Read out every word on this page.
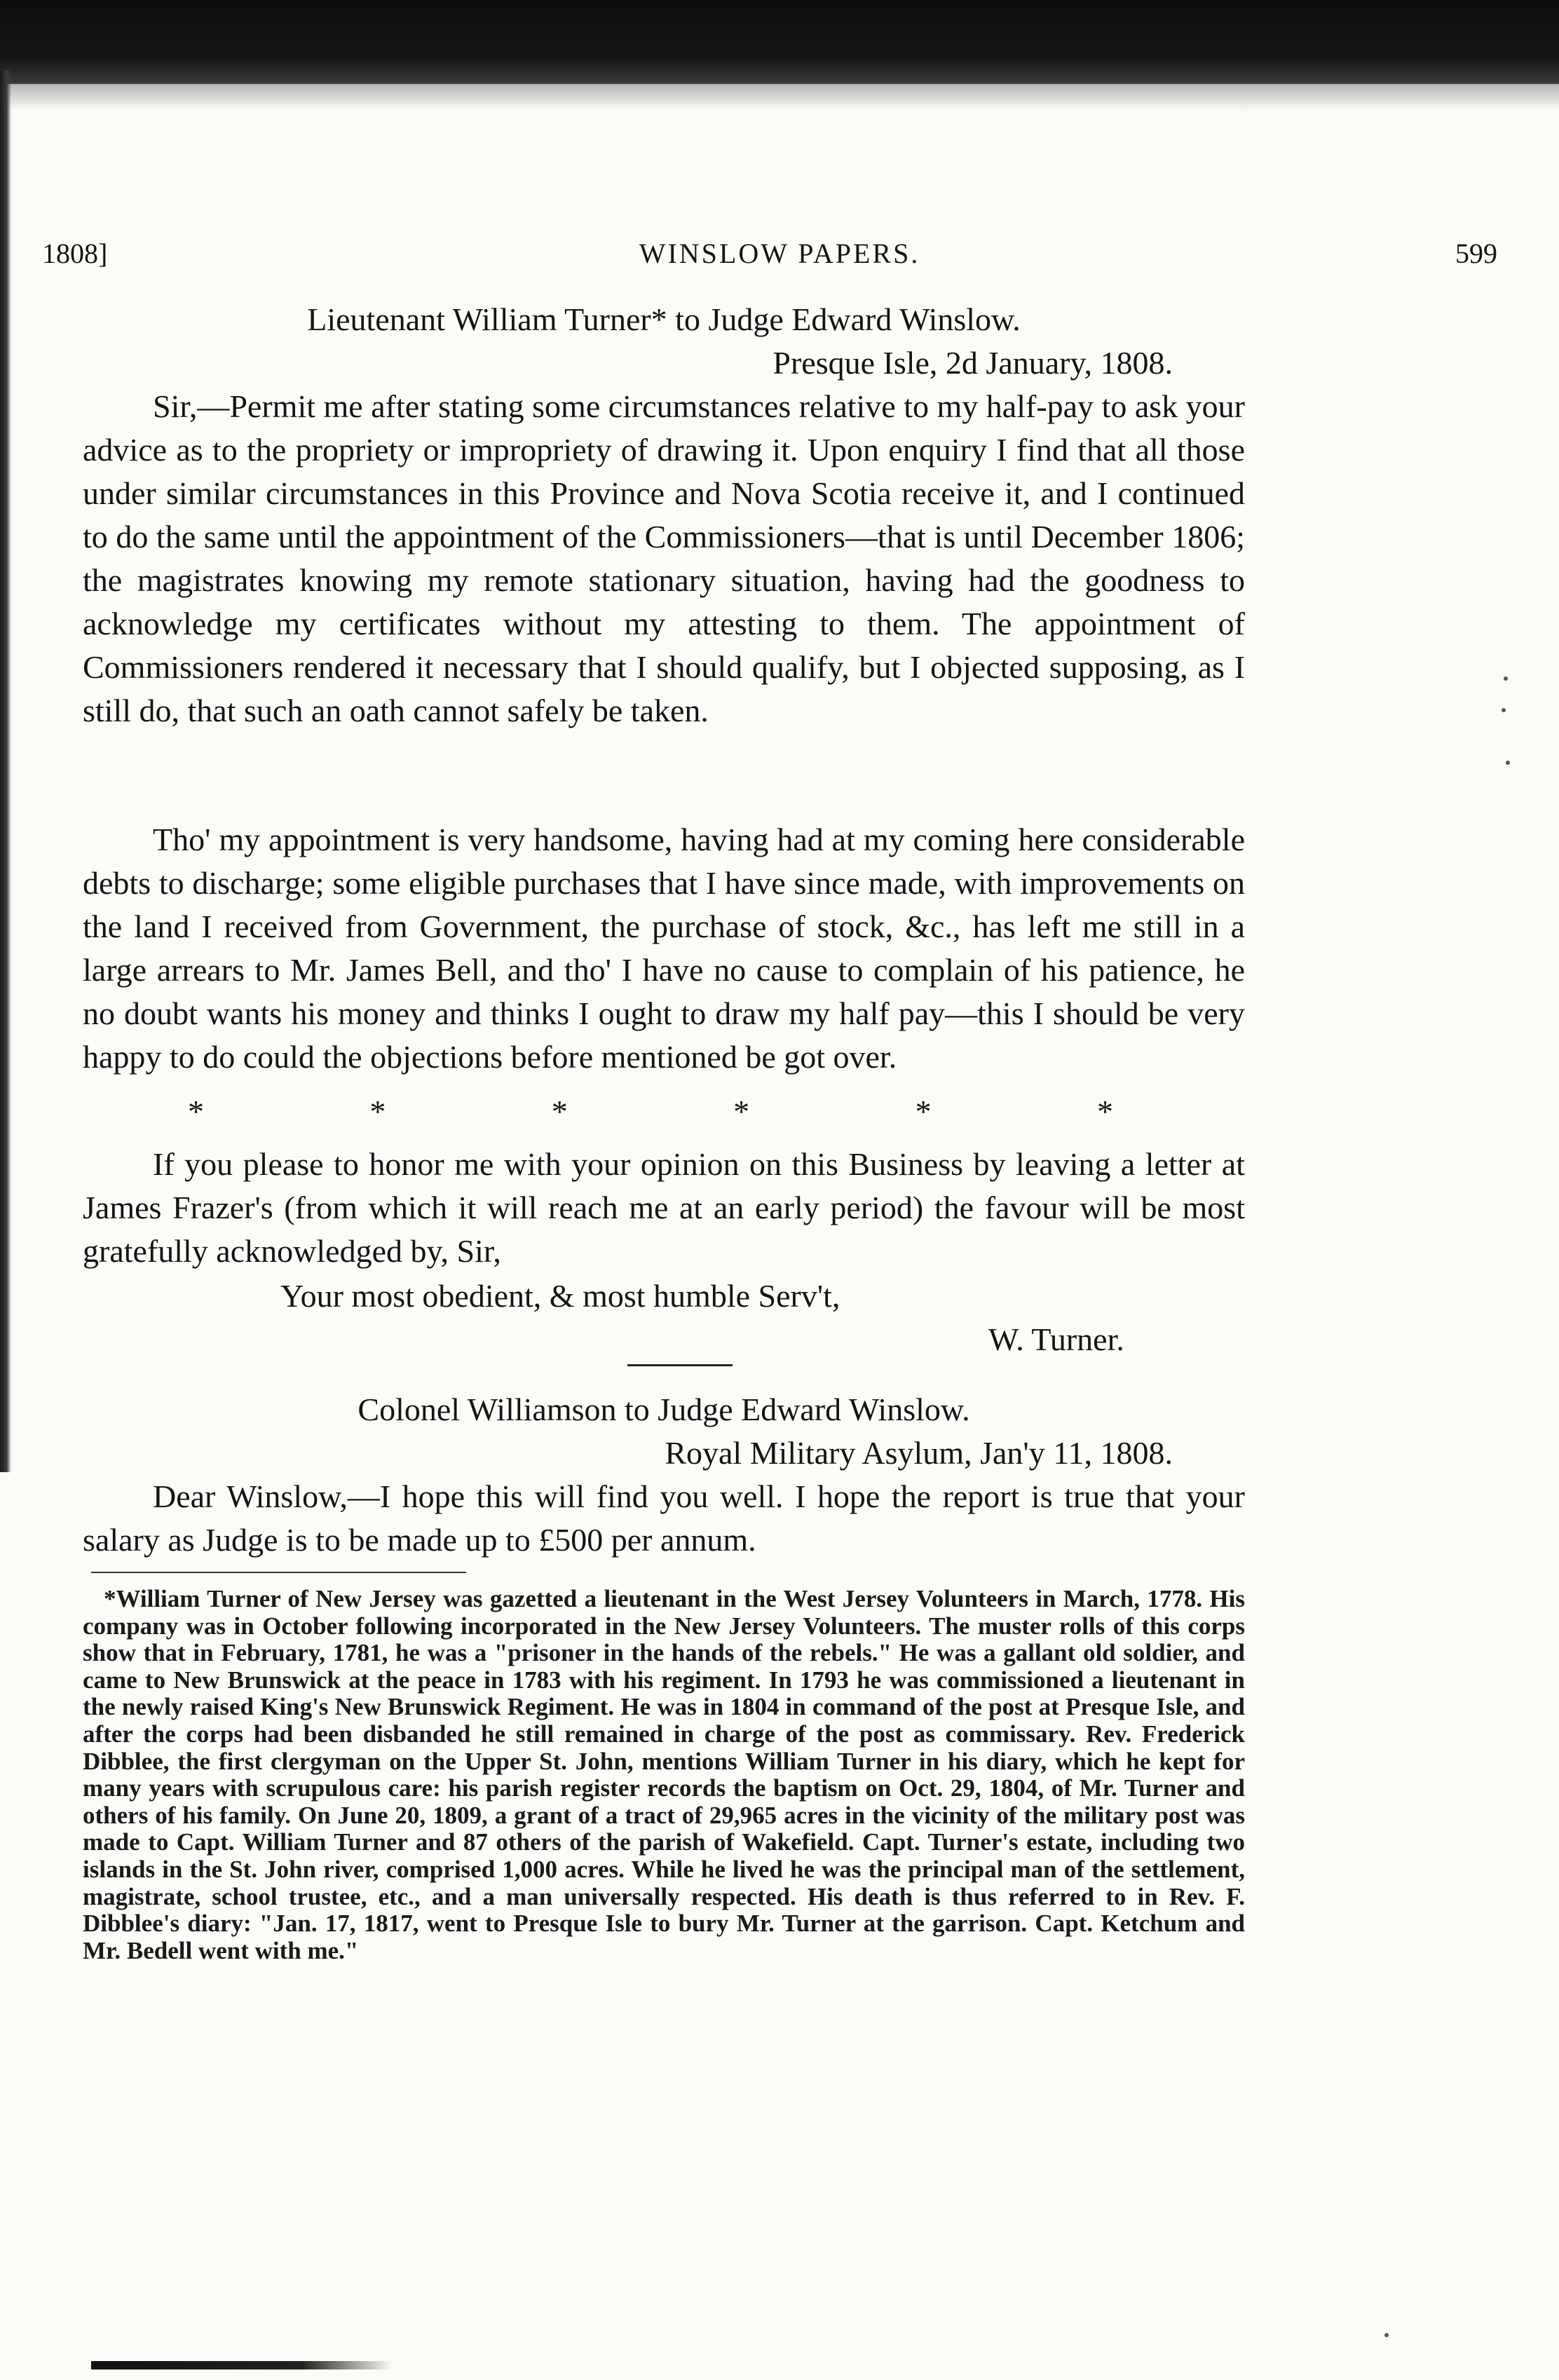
1808]	WINSLOW PAPERS.	599

Lieutenant William Turner* to Judge Edward Winslow.

Presque Isle, 2d January, 1808.

Sir,—Permit me after stating some circumstances relative to my half-pay to ask your advice as to the propriety or impropriety of drawing it. Upon enquiry I find that all those under similar circumstances in this Province and Nova Scotia receive it, and I continued to do the same until the appointment of the Commissioners—that is until December 1806; the magistrates knowing my remote stationary situation, having had the goodness to acknowledge my certificates without my attesting to them. The appointment of Commissioners rendered it necessary that I should qualify, but I objected supposing, as I still do, that such an oath cannot safely be taken.

Tho' my appointment is very handsome, having had at my coming here considerable debts to discharge; some eligible purchases that I have since made, with improvements on the land I received from Government, the purchase of stock, &c., has left me still in a large arrears to Mr. James Bell, and tho' I have no cause to complain of his patience, he no doubt wants his money and thinks I ought to draw my half pay—this I should be very happy to do could the objections before mentioned be got over.

*	*	*	*	*	*

If you please to honor me with your opinion on this Business by leaving a letter at James Frazer's (from which it will reach me at an early period) the favour will be most gratefully acknowledged by, Sir,

Your most obedient, & most humble Serv't,

W. Turner.

Colonel Williamson to Judge Edward Winslow.

Royal Military Asylum, Jan'y 11, 1808.

Dear Winslow,—I hope this will find you well. I hope the report is true that your salary as Judge is to be made up to £500 per annum.

*William Turner of New Jersey was gazetted a lieutenant in the West Jersey Volunteers in March, 1778. His company was in October following incorporated in the New Jersey Volunteers. The muster rolls of this corps show that in February, 1781, he was a "prisoner in the hands of the rebels." He was a gallant old soldier, and came to New Brunswick at the peace in 1783 with his regiment. In 1793 he was commissioned a lieutenant in the newly raised King's New Brunswick Regiment. He was in 1804 in command of the post at Presque Isle, and after the corps had been disbanded he still remained in charge of the post as commissary. Rev. Frederick Dibblee, the first clergyman on the Upper St. John, mentions William Turner in his diary, which he kept for many years with scrupulous care: his parish register records the baptism on Oct. 29, 1804, of Mr. Turner and others of his family. On June 20, 1809, a grant of a tract of 29,965 acres in the vicinity of the military post was made to Capt. William Turner and 87 others of the parish of Wakefield. Capt. Turner's estate, including two islands in the St. John river, comprised 1,000 acres. While he lived he was the principal man of the settlement, magistrate, school trustee, etc., and a man universally respected. His death is thus referred to in Rev. F. Dibblee's diary: "Jan. 17, 1817, went to Presque Isle to bury Mr. Turner at the garrison. Capt. Ketchum and Mr. Bedell went with me."
